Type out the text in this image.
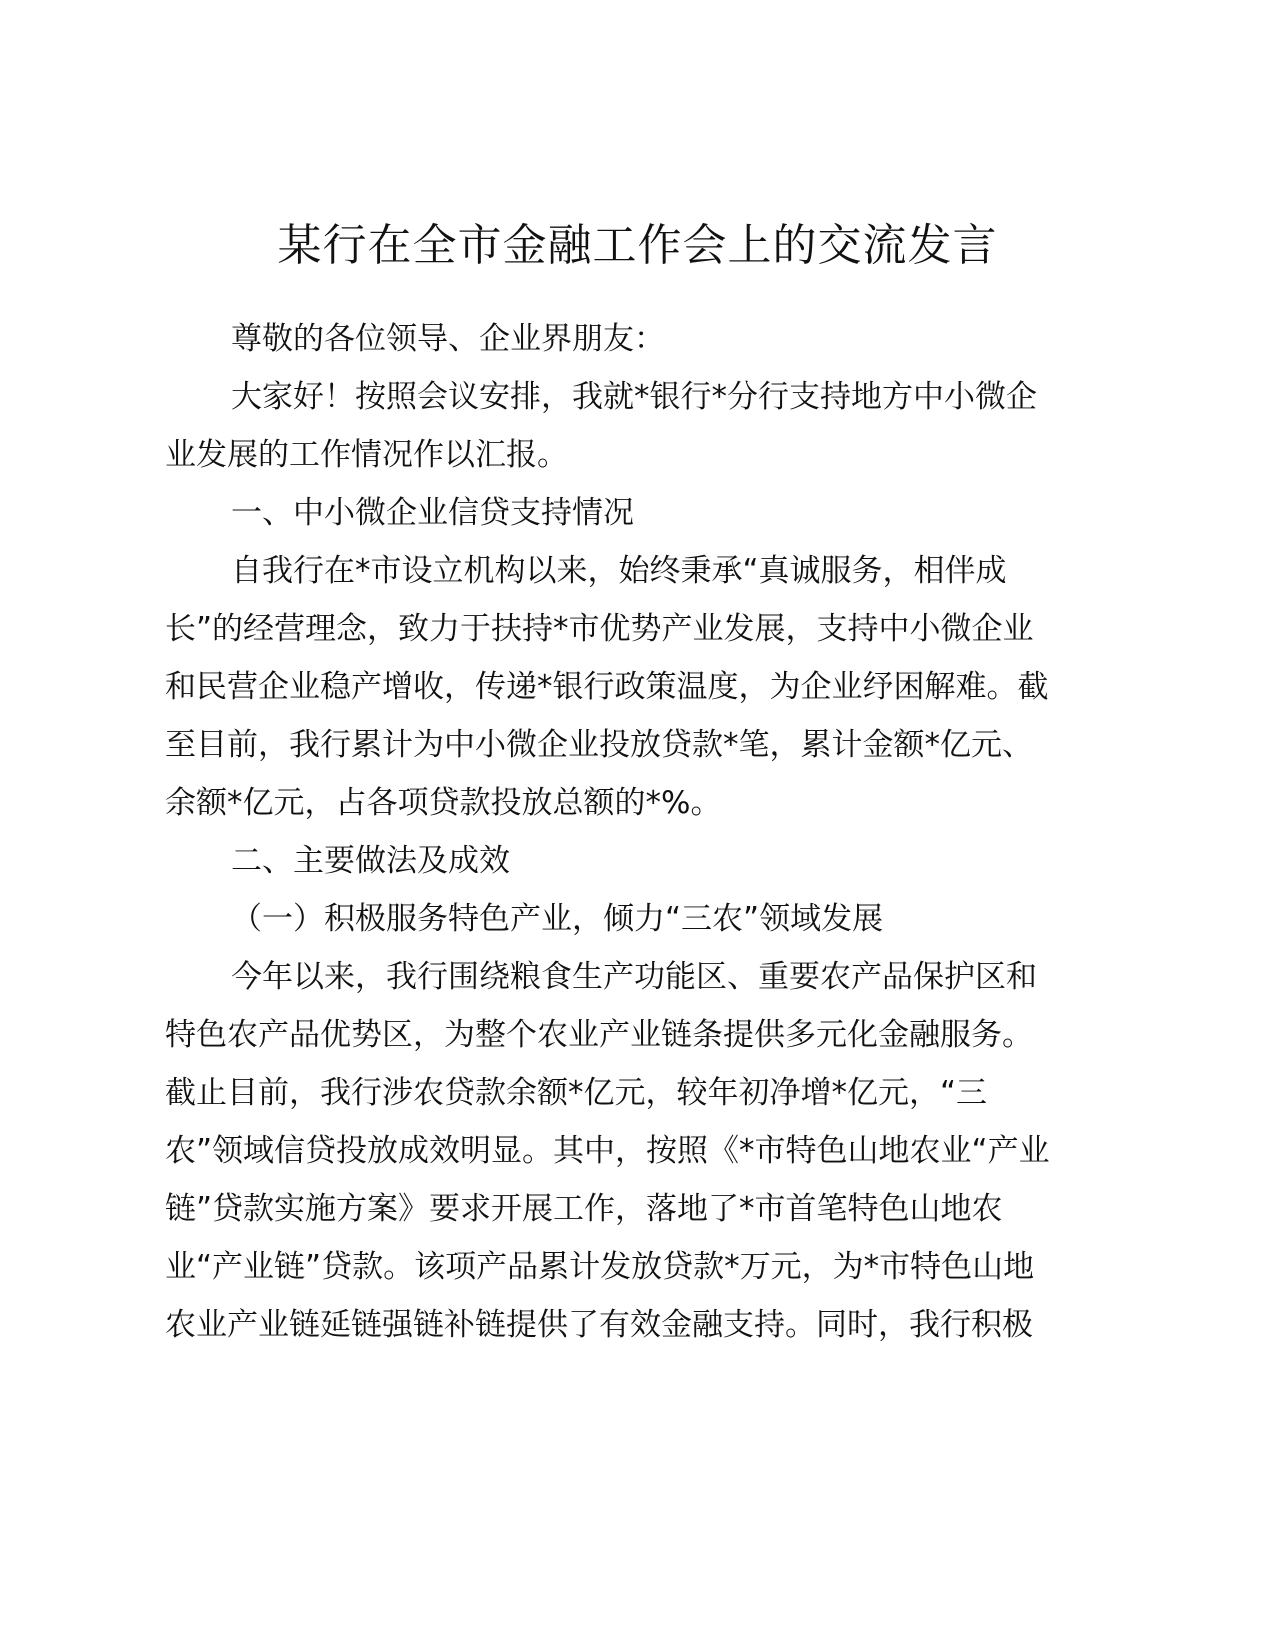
某行在全市金融工作会上的交流发言
尊敬的各位领导、企业界朋友：
大家好！按照会议安排，我就*银行*分行支持地方中小微企
业发展的工作情况作以汇报。
一、中小微企业信贷支持情况
自我行在*市设立机构以来，始终秉承“真诚服务，相伴成
长”的经营理念，致力于扶持*市优势产业发展，支持中小微企业
和民营企业稳产增收，传递*银行政策温度，为企业纾困解难。截
至目前，我行累计为中小微企业投放贷款*笔，累计金额*亿元、
余额*亿元，占各项贷款投放总额的*%。
二、主要做法及成效
（一）积极服务特色产业，倾力“三农”领域发展
今年以来，我行围绕粮食生产功能区、重要农产品保护区和
特色农产品优势区，为整个农业产业链条提供多元化金融服务。
截止目前，我行涉农贷款余额*亿元，较年初净增*亿元，“三
农”领域信贷投放成效明显。其中，按照《*市特色山地农业“产业
链”贷款实施方案》要求开展工作，落地了*市首笔特色山地农
业“产业链”贷款。该项产品累计发放贷款*万元，为*市特色山地
农业产业链延链强链补链提供了有效金融支持。同时，我行积极
